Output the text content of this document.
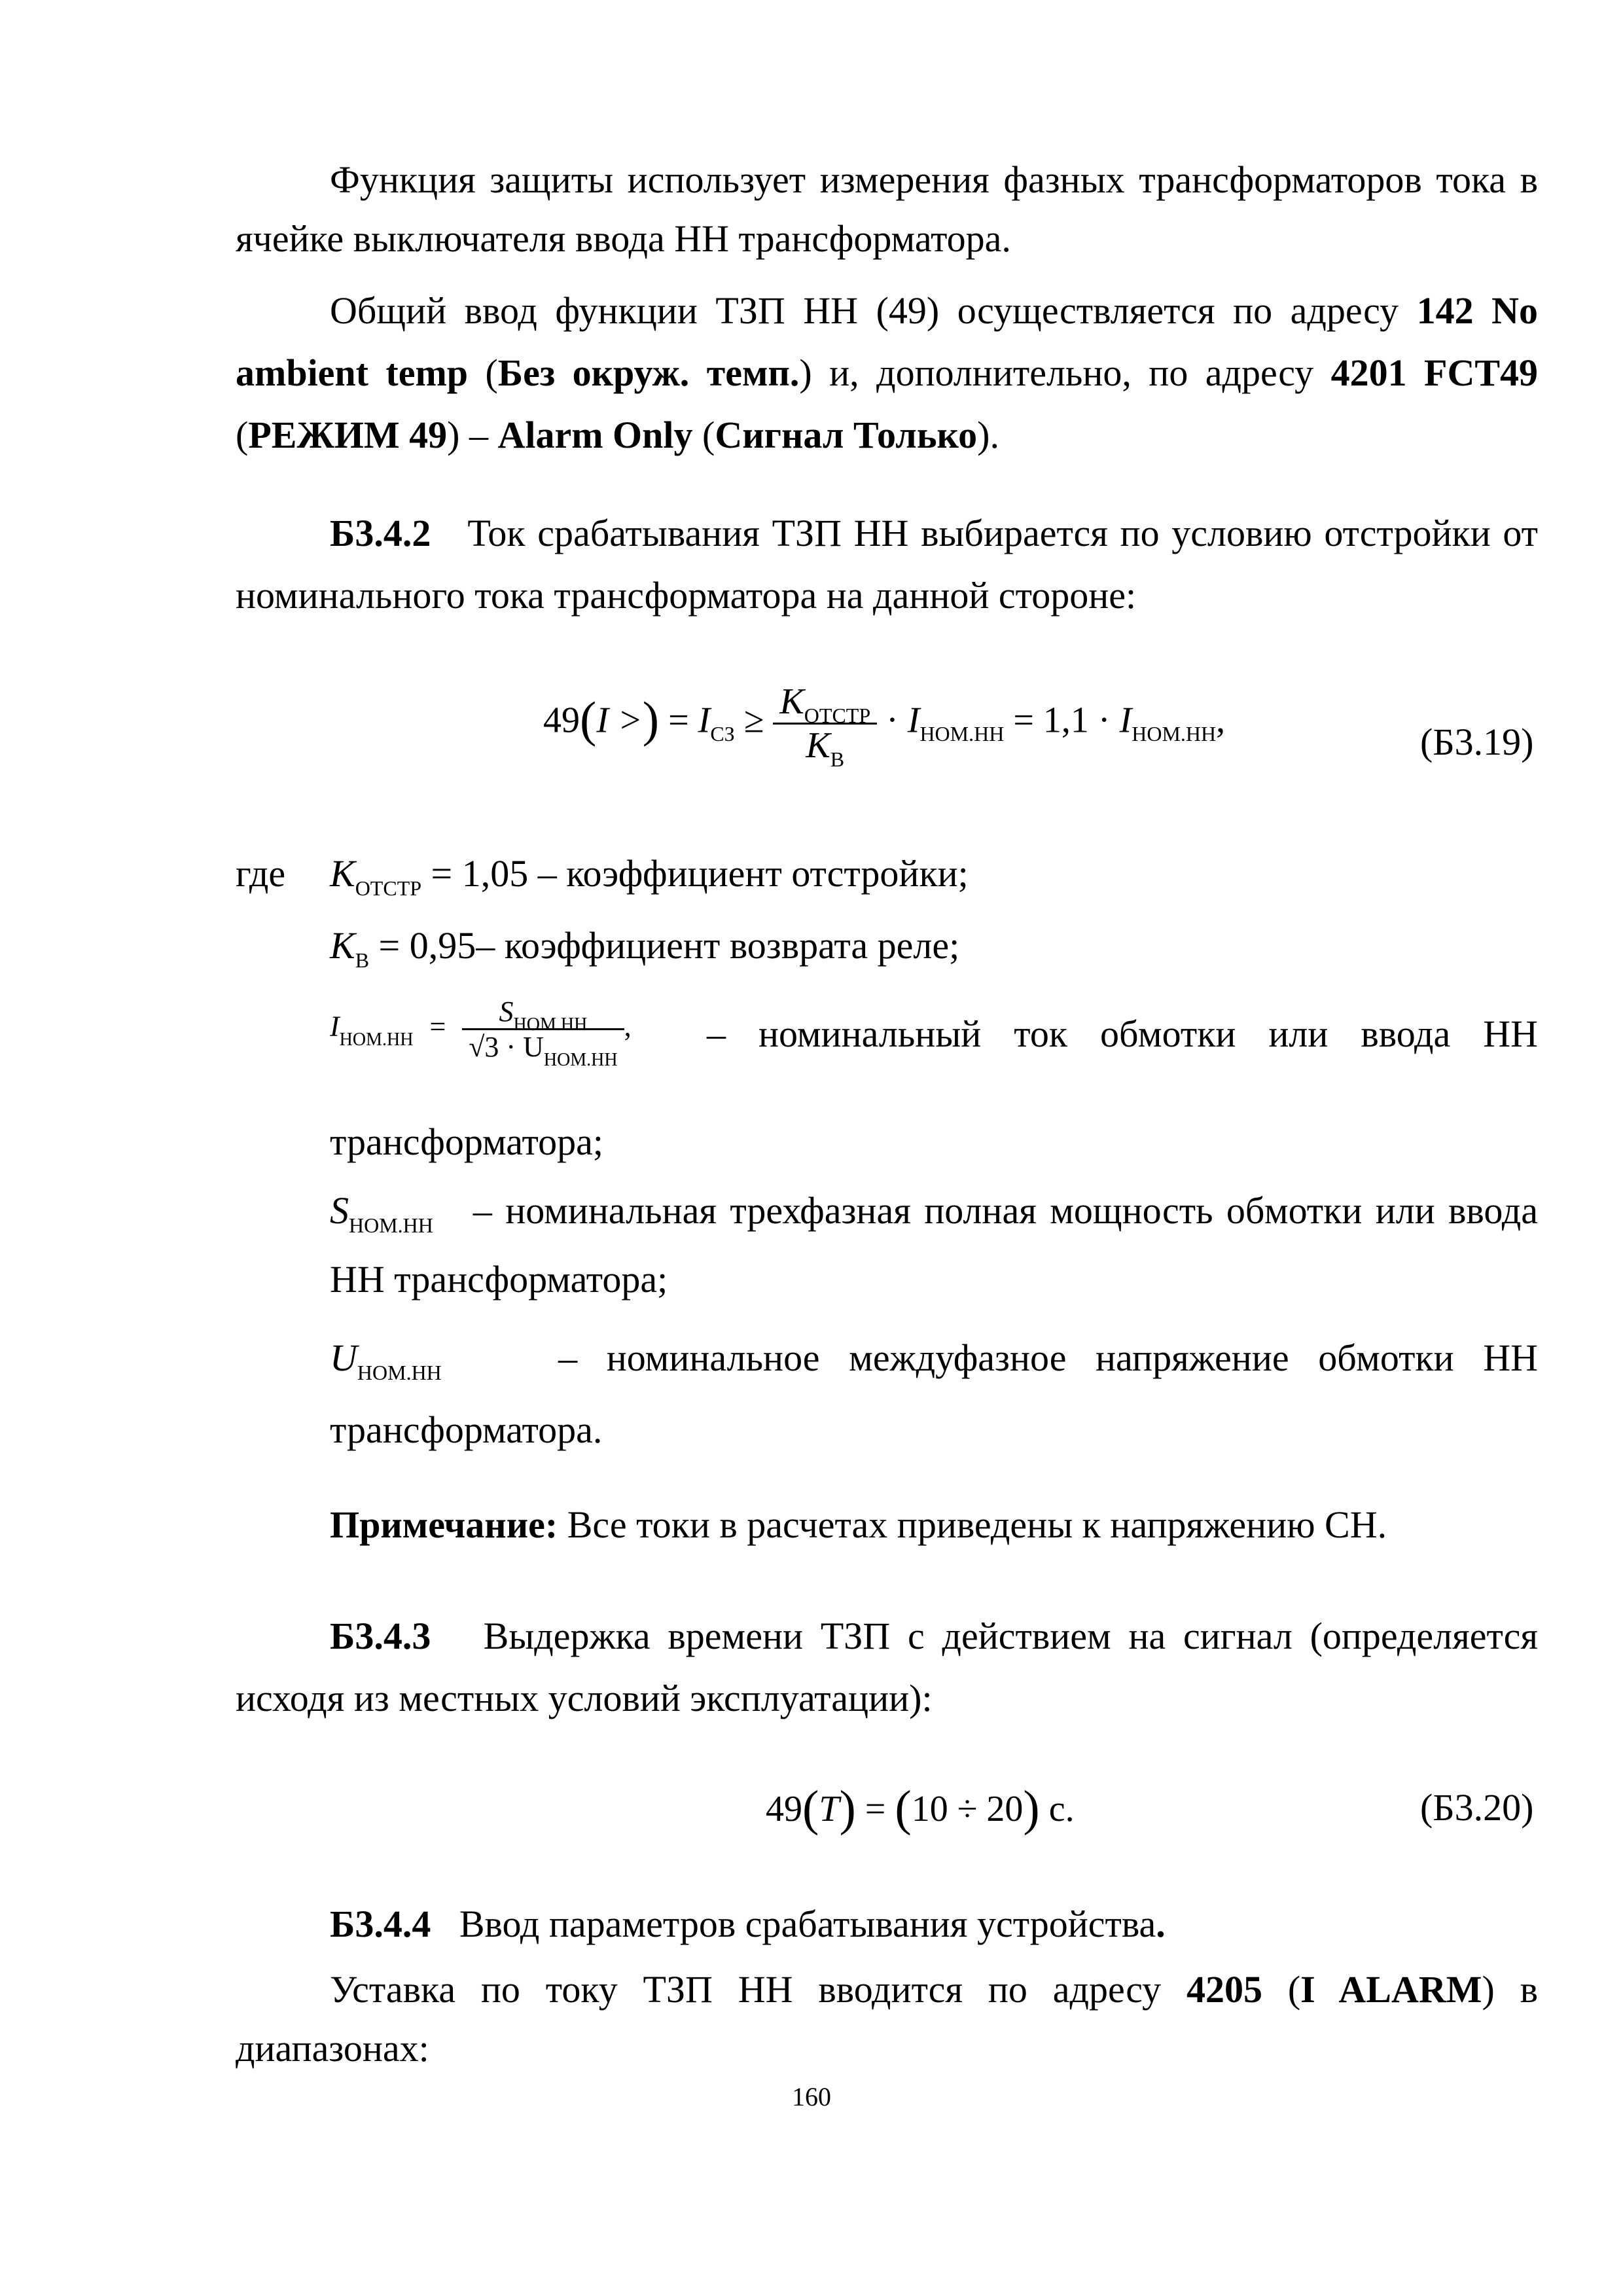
Функция защиты использует измерения фазных трансформаторов тока в
ячейке выключателя ввода НН трансформатора.
Общий ввод функции ТЗП НН (49) осуществляется по адресу 142 No
ambient temp (Без окруж. темп.) и, дополнительно, по адресу 4201 FCT49
(РЕЖИМ 49) – Alarm Only (Сигнал Только).
Б3.4.2 Ток срабатывания ТЗП НН выбирается по условию отстройки от
номинального тока трансформатора на данной стороне:
49(I >) = $I_{СЗ} \ge \frac{K_{ОТСТР}}{K_В} \cdot I_{НОМ.НН} = 1,1 \cdot I_{НОМ.НН}$,
(Б3.19)
где $K_{ОТСТР} = 1,05$ – коэффициент отстройки;
$K_В = 0,95-$ коэффициент возврата реле;
$I_{НОМ.НН} = \frac{S_{НОМ.НН}}{√3 \cdot U_{НОМ.НН}}$ , – номинальный ток обмотки или ввода НН
трансформатора;
$S_{НОМ.НН}$ – номинальная трехфазная полная мощность обмотки или ввода
НН трансформатора;
$U_{НОМ.НН}$	– номинальное междуфазное напряжение обмотки НН
трансформатора.
Примечание: Все токи в расчетах приведены к напряжению СН.
Б3.4.3 Выдержка времени ТЗП с действием на сигнал (определяется
исходя из местных условий эксплуатации):
49(T) = (10 ÷ 20) с.	(Б3.20)
Б3.4.4 Ввод параметров срабатывания устройства.
Уставка по току ТЗП НН вводится по адресу 4205 (I ALARM) в
диапазонах:
160
